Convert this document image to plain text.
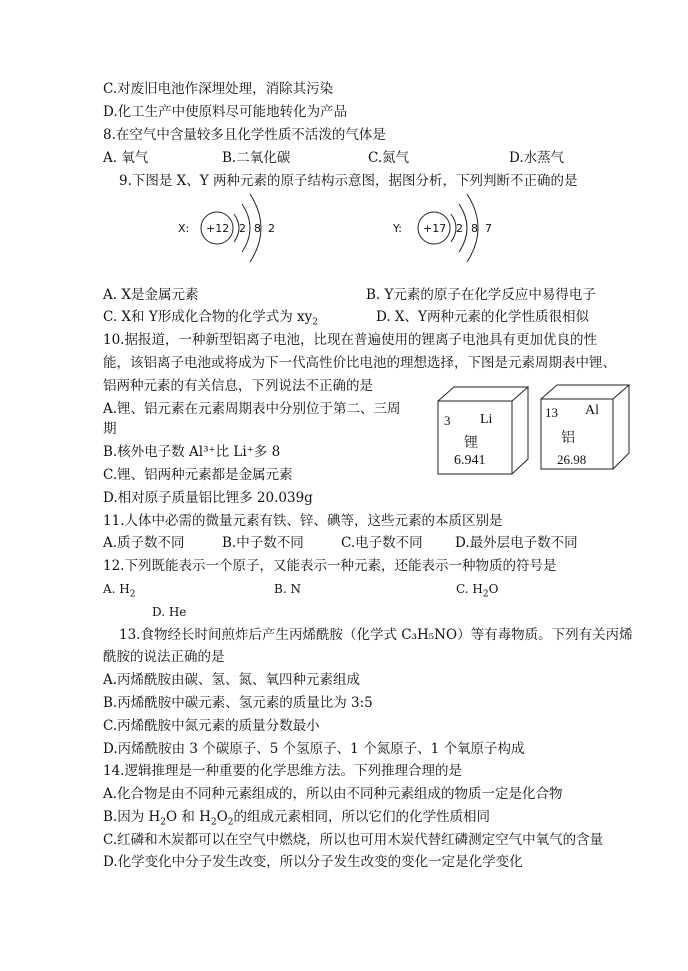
C.对废旧电池作深埋处理，消除其污染
D.化工生产中使原料尽可能地转化为产品
8.在空气中含量较多且化学性质不活泼的气体是
A. 氧气	B.二氧化碳	C.氮气	D.水蒸气
9.下图是 X、Y 两种元素的原子结构示意图，据图分析，下列判断不正确的是
X: +12 2 8 2	Y: +17 2 8 7
A. X是金属元素	B. Y元素的原子在化学反应中易得电子
C. X和 Y形成化合物的化学式为 $xy_2$	D. X、Y两种元素的化学性质很相似
10.据报道，一种新型铝离子电池，比现在普遍使用的锂离子电池具有更加优良的性
能，该铝离子电池或将成为下一代高性价比电池的理想选择，下图是元素周期表中锂、
铝两种元素的有关信息，下列说法不正确的是
A.锂、铝元素在元素周期表中分别位于第二、三周
期
B.核外电子数 Al³⁺比 Li⁺多 8
C.锂、铝两种元素都是金属元素
D.相对原子质量铝比锂多 20.039g
3 Li
锂
6.941
13 Al
铝
26.98
11.人体中必需的微量元素有铁、锌、碘等，这些元素的本质区别是
A.质子数不同	B.中子数不同	C.电子数不同 D.最外层电子数不同
12.下列既能表示一个原子，又能表示一种元素，还能表示一种物质的符号是
A. $H_2$	B. N	C. $H_2O$
D. He
13.食物经长时间煎炸后产生丙烯酰胺（化学式 C₃H₅NO）等有毒物质。下列有关丙烯
酰胺的说法正确的是
A.丙烯酰胺由碳、氢、氮、氧四种元素组成
B.丙烯酰胺中碳元素、氢元素的质量比为 3:5
C.丙烯酰胺中氮元素的质量分数最小
D.丙烯酰胺由 3 个碳原子、5 个氢原子、1 个氮原子、1 个氧原子构成
14.逻辑推理是一种重要的化学思维方法。下列推理合理的是
A.化合物是由不同种元素组成的，所以由不同种元素组成的物质一定是化合物
B.因为 $H_2O$ 和 $H_2O_2$的组成元素相同，所以它们的化学性质相同
C.红磷和木炭都可以在空气中燃烧，所以也可用木炭代替红磷测定空气中氧气的含量
D.化学变化中分子发生改变，所以分子发生改变的变化一定是化学变化
